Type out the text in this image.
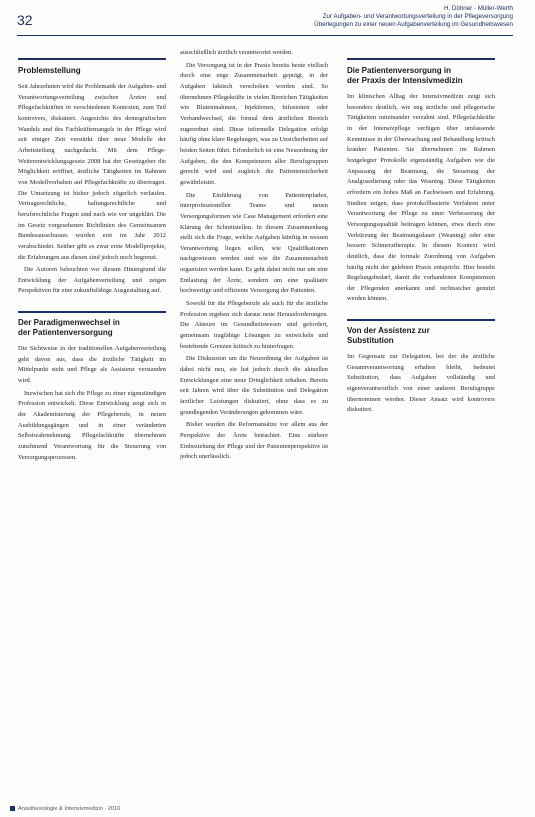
32
H. Döhner · Müller-Werth
Zur Aufgaben- und Verantwortungsverteilung in der Pflegeversorgung
Überlegungen zu einer neuen Aufgabenverteilung im Gesundheitswesen
Problemstellung

Seit Jahrzehnten wird die Problematik der Aufgaben- und Verantwortungsverteilung zwischen Ärzten und Pflegefachkräften in verschiedenen Kontexten, zum Teil kontrovers, diskutiert. Angesichts des demografischen Wandels und des Fachkräftemangels in der Pflege wird seit einiger Zeit verstärkt über neue Modelle der Arbeitsteilung nachgedacht. Mit dem Pflege-Weiterentwicklungsgesetz 2008 hat der Gesetzgeber die Möglichkeit eröffnet, ärztliche Tätigkeiten im Rahmen von Modellvorhaben auf Pflegefachkräfte zu übertragen. Die Umsetzung ist bisher jedoch zögerlich verlaufen. Vertragsrechtliche, haftungsrechtliche und berufsrechtliche Fragen sind nach wie vor ungeklärt. Die im Gesetz vorgesehenen Richtlinien des Gemeinsamen Bundesausschusses wurden erst im Jahr 2012 verabschiedet. Seither gibt es zwar erste Modellprojekte, die Erfahrungen aus diesen sind jedoch noch begrenzt.

Die Autoren beleuchten vor diesem Hintergrund die Entwicklung der Aufgabenverteilung und zeigen Perspektiven für eine zukunftsfähige Ausgestaltung auf.

Der Paradigmenwechsel in
der Patientenversorgung

Die Sichtweise in der traditionellen Aufgabenverteilung geht davon aus, dass die ärztliche Tätigkeit im Mittelpunkt steht und Pflege als Assistenz verstanden wird.

Inzwischen hat sich die Pflege zu einer eigenständigen Profession entwickelt. Diese Entwicklung zeigt sich in der Akademisierung der Pflegeberufe, in neuen Ausbildungsgängen und in einer veränderten Selbstwahrnehmung. Pflegefachkräfte übernehmen zunehmend Verantwortung für die Steuerung von Versorgungsprozessen.

ausschließlich ärztlich verantwortet werden.

Die Versorgung ist in der Praxis bereits heute vielfach durch eine enge Zusammenarbeit geprägt, in der Aufgaben faktisch verschoben worden sind. So übernehmen Pflegekräfte in vielen Bereichen Tätigkeiten wie Blutentnahmen, Injektionen, Infusionen oder Verbandwechsel, die formal dem ärztlichen Bereich zugeordnet sind. Diese informelle Delegation erfolgt häufig ohne klare Regelungen, was zu Unsicherheiten auf beiden Seiten führt. Erforderlich ist eine Neuordnung der Aufgaben, die den Kompetenzen aller Berufsgruppen gerecht wird und zugleich die Patientensicherheit gewährleistet.

Die Einführung von Patientenpfaden, interprofessionellen Teams und neuen Versorgungsformen wie Case Management erfordert eine Klärung der Schnittstellen. In diesem Zusammenhang stellt sich die Frage, welche Aufgaben künftig in wessen Verantwortung liegen sollen, wie Qualifikationen nachgewiesen werden und wie die Zusammenarbeit organisiert werden kann. Es geht dabei nicht nur um eine Entlastung der Ärzte, sondern um eine qualitativ hochwertige und effiziente Versorgung der Patienten.

Sowohl für die Pflegeberufe als auch für die ärztliche Profession ergeben sich daraus neue Herausforderungen. Die Akteure im Gesundheitswesen sind gefordert, gemeinsam tragfähige Lösungen zu entwickeln und bestehende Grenzen kritisch zu hinterfragen.

Die Diskussion um die Neuordnung der Aufgaben ist dabei nicht neu, sie hat jedoch durch die aktuellen Entwicklungen eine neue Dringlichkeit erhalten. Bereits seit Jahren wird über die Substitution und Delegation ärztlicher Leistungen diskutiert, ohne dass es zu grundlegenden Veränderungen gekommen wäre.

Bisher wurden die Reformansätze vor allem aus der Perspektive der Ärzte betrachtet. Eine stärkere Einbeziehung der Pflege und der Patientenperspektive ist jedoch unerlässlich.

Die Patientenversorgung in
der Praxis der Intensivmedizin

Im klinischen Alltag der Intensivmedizin zeigt sich besonders deutlich, wie eng ärztliche und pflegerische Tätigkeiten miteinander verzahnt sind. Pflegefachkräfte in der Intensivpflege verfügen über umfassende Kenntnisse in der Überwachung und Behandlung kritisch kranker Patienten. Sie übernehmen im Rahmen festgelegter Protokolle eigenständig Aufgaben wie die Anpassung der Beatmung, die Steuerung der Analgosedierung oder das Weaning. Diese Tätigkeiten erfordern ein hohes Maß an Fachwissen und Erfahrung. Studien zeigen, dass protokollbasierte Verfahren unter Verantwortung der Pflege zu einer Verbesserung der Versorgungsqualität beitragen können, etwa durch eine Verkürzung der Beatmungsdauer (Weaning) oder eine bessere Schmerztherapie. In diesem Kontext wird deutlich, dass die formale Zuordnung von Aufgaben häufig nicht der gelebten Praxis entspricht. Hier besteht Regelungsbedarf, damit die vorhandenen Kompetenzen der Pflegenden anerkannt und rechtssicher genutzt werden können.

Von der Assistenz zur
Substitution

Im Gegensatz zur Delegation, bei der die ärztliche Gesamtverantwortung erhalten bleibt, bedeutet Substitution, dass Aufgaben vollständig und eigenverantwortlich von einer anderen Berufsgruppe übernommen werden. Dieser Ansatz wird kontrovers diskutiert.

Anästhesiologie & Intensivmedizin · 2016
